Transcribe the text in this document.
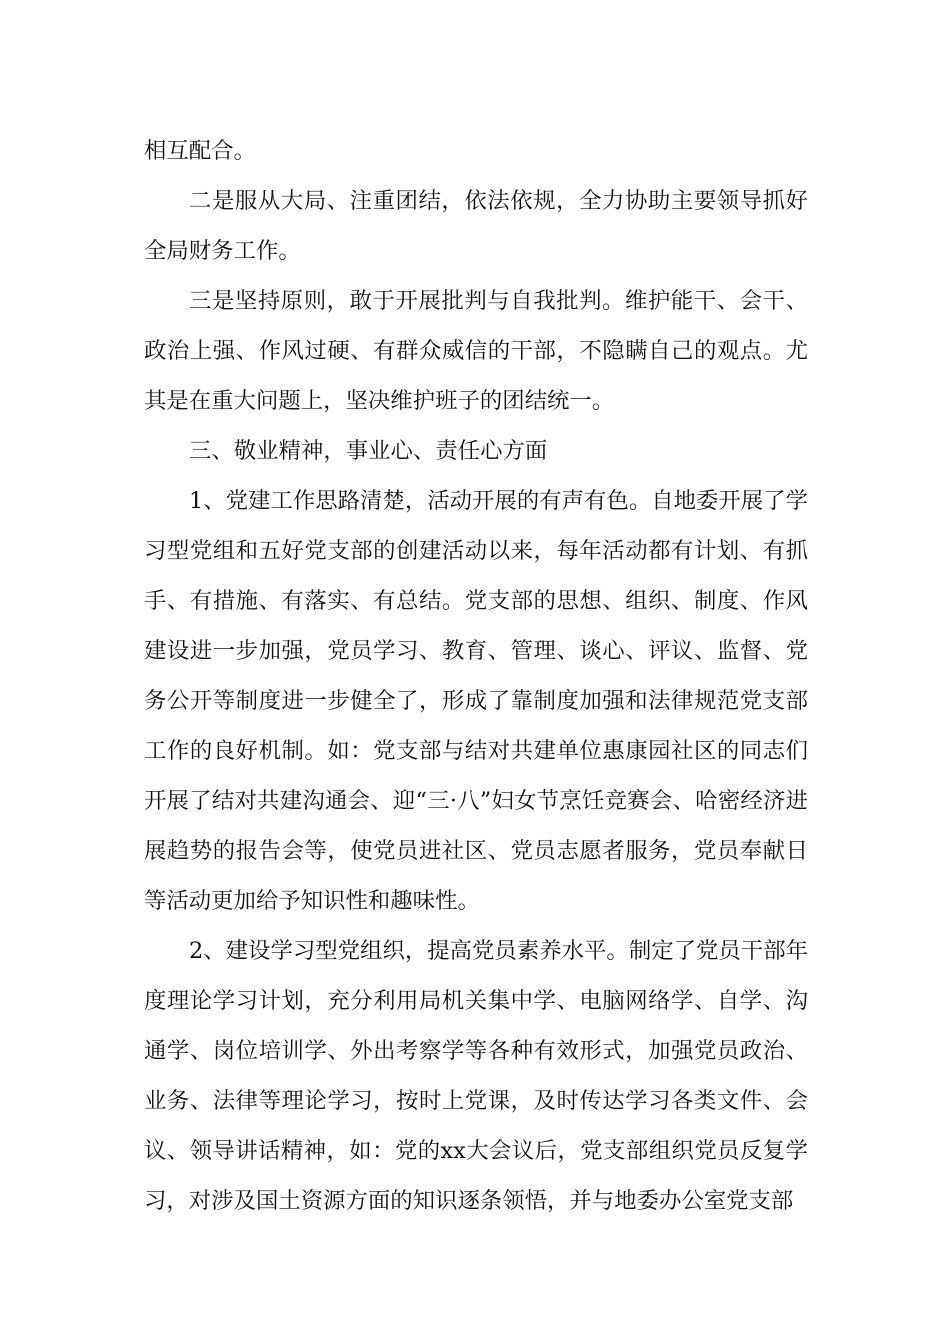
相互配合。

二是服从大局、注重团结，依法依规，全力协助主要领导抓好全局财务工作。

三是坚持原则，敢于开展批判与自我批判。维护能干、会干、政治上强、作风过硬、有群众威信的干部，不隐瞒自己的观点。尤其是在重大问题上，坚决维护班子的团结统一。

三、敬业精神，事业心、责任心方面

1、党建工作思路清楚，活动开展的有声有色。自地委开展了学习型党组和五好党支部的创建活动以来，每年活动都有计划、有抓手、有措施、有落实、有总结。党支部的思想、组织、制度、作风建设进一步加强，党员学习、教育、管理、谈心、评议、监督、党务公开等制度进一步健全了，形成了靠制度加强和法律规范党支部工作的良好机制。如：党支部与结对共建单位惠康园社区的同志们开展了结对共建沟通会、迎“三·八”妇女节烹饪竞赛会、哈密经济进展趋势的报告会等，使党员进社区、党员志愿者服务，党员奉献日等活动更加给予知识性和趣味性。

2、建设学习型党组织，提高党员素养水平。制定了党员干部年度理论学习计划，充分利用局机关集中学、电脑网络学、自学、沟通学、岗位培训学、外出考察学等各种有效形式，加强党员政治、业务、法律等理论学习，按时上党课，及时传达学习各类文件、会议、领导讲话精神，如：党的xx大会议后，党支部组织党员反复学习，对涉及国土资源方面的知识逐条领悟，并与地委办公室党支部
